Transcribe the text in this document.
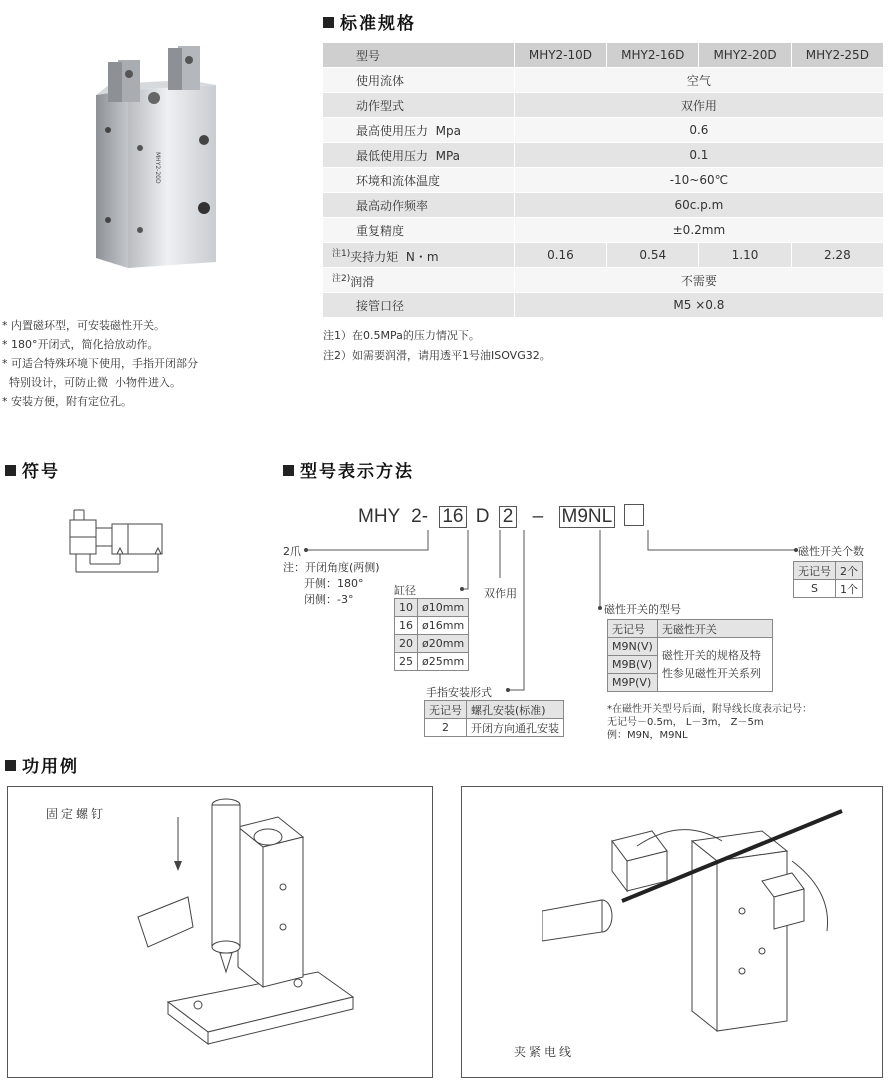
MHY2-20D
* 内置磁环型，可安装磁性开关。
* 180°开闭式，简化拾放动作。
* 可适合特殊环境下使用，手指开闭部分
特别设计，可防止微  小物件进入。
* 安装方便，附有定位孔。
标准规格
型号	MHY2-10D	MHY2-16D	MHY2-20D	MHY2-25D
使用流体	空气			
动作型式	双作用			
最高使用压力  Mpa	0.6			
最低使用压力  MPa	0.1			
环境和流体温度	-10~60℃			
最高动作频率	60c.p.m			
重复精度	±0.2mm			
$^{注1)}$夹持力矩  N・m	0.16	0.54	1.10	2.28
$^{注2)}$润滑	不需要			
接管口径	M5 ×0.8			
注1）在0.5MPa的压力情况下。
注2）如需要润滑，请用透平1号油ISOVG32。
符号	型号表示方法
MHY 2- 16 D 2 – M9NL
2爪
注：开闭角度(两侧)
开侧：180°
闭侧：-3°
缸径
10	ø10mm
16	ø16mm
20	ø20mm
25	ø25mm
双作用
手指安装形式
无记号	螺孔安装(标准)
2	开闭方向通孔安装
磁性开关的型号
无记号	无磁性开关
M9N(V)	磁性开关的规格及特
性参见磁性开关系列

M9B(V)	
M9P(V)	
*在磁性开关型号后面，附导线长度表示记号：
无记号－0.5m， L－3m， Z－5m
例：M9N，M9NL
磁性开关个数
无记号	2个
S	1个
功用例
固定螺钉
夹紧电线
